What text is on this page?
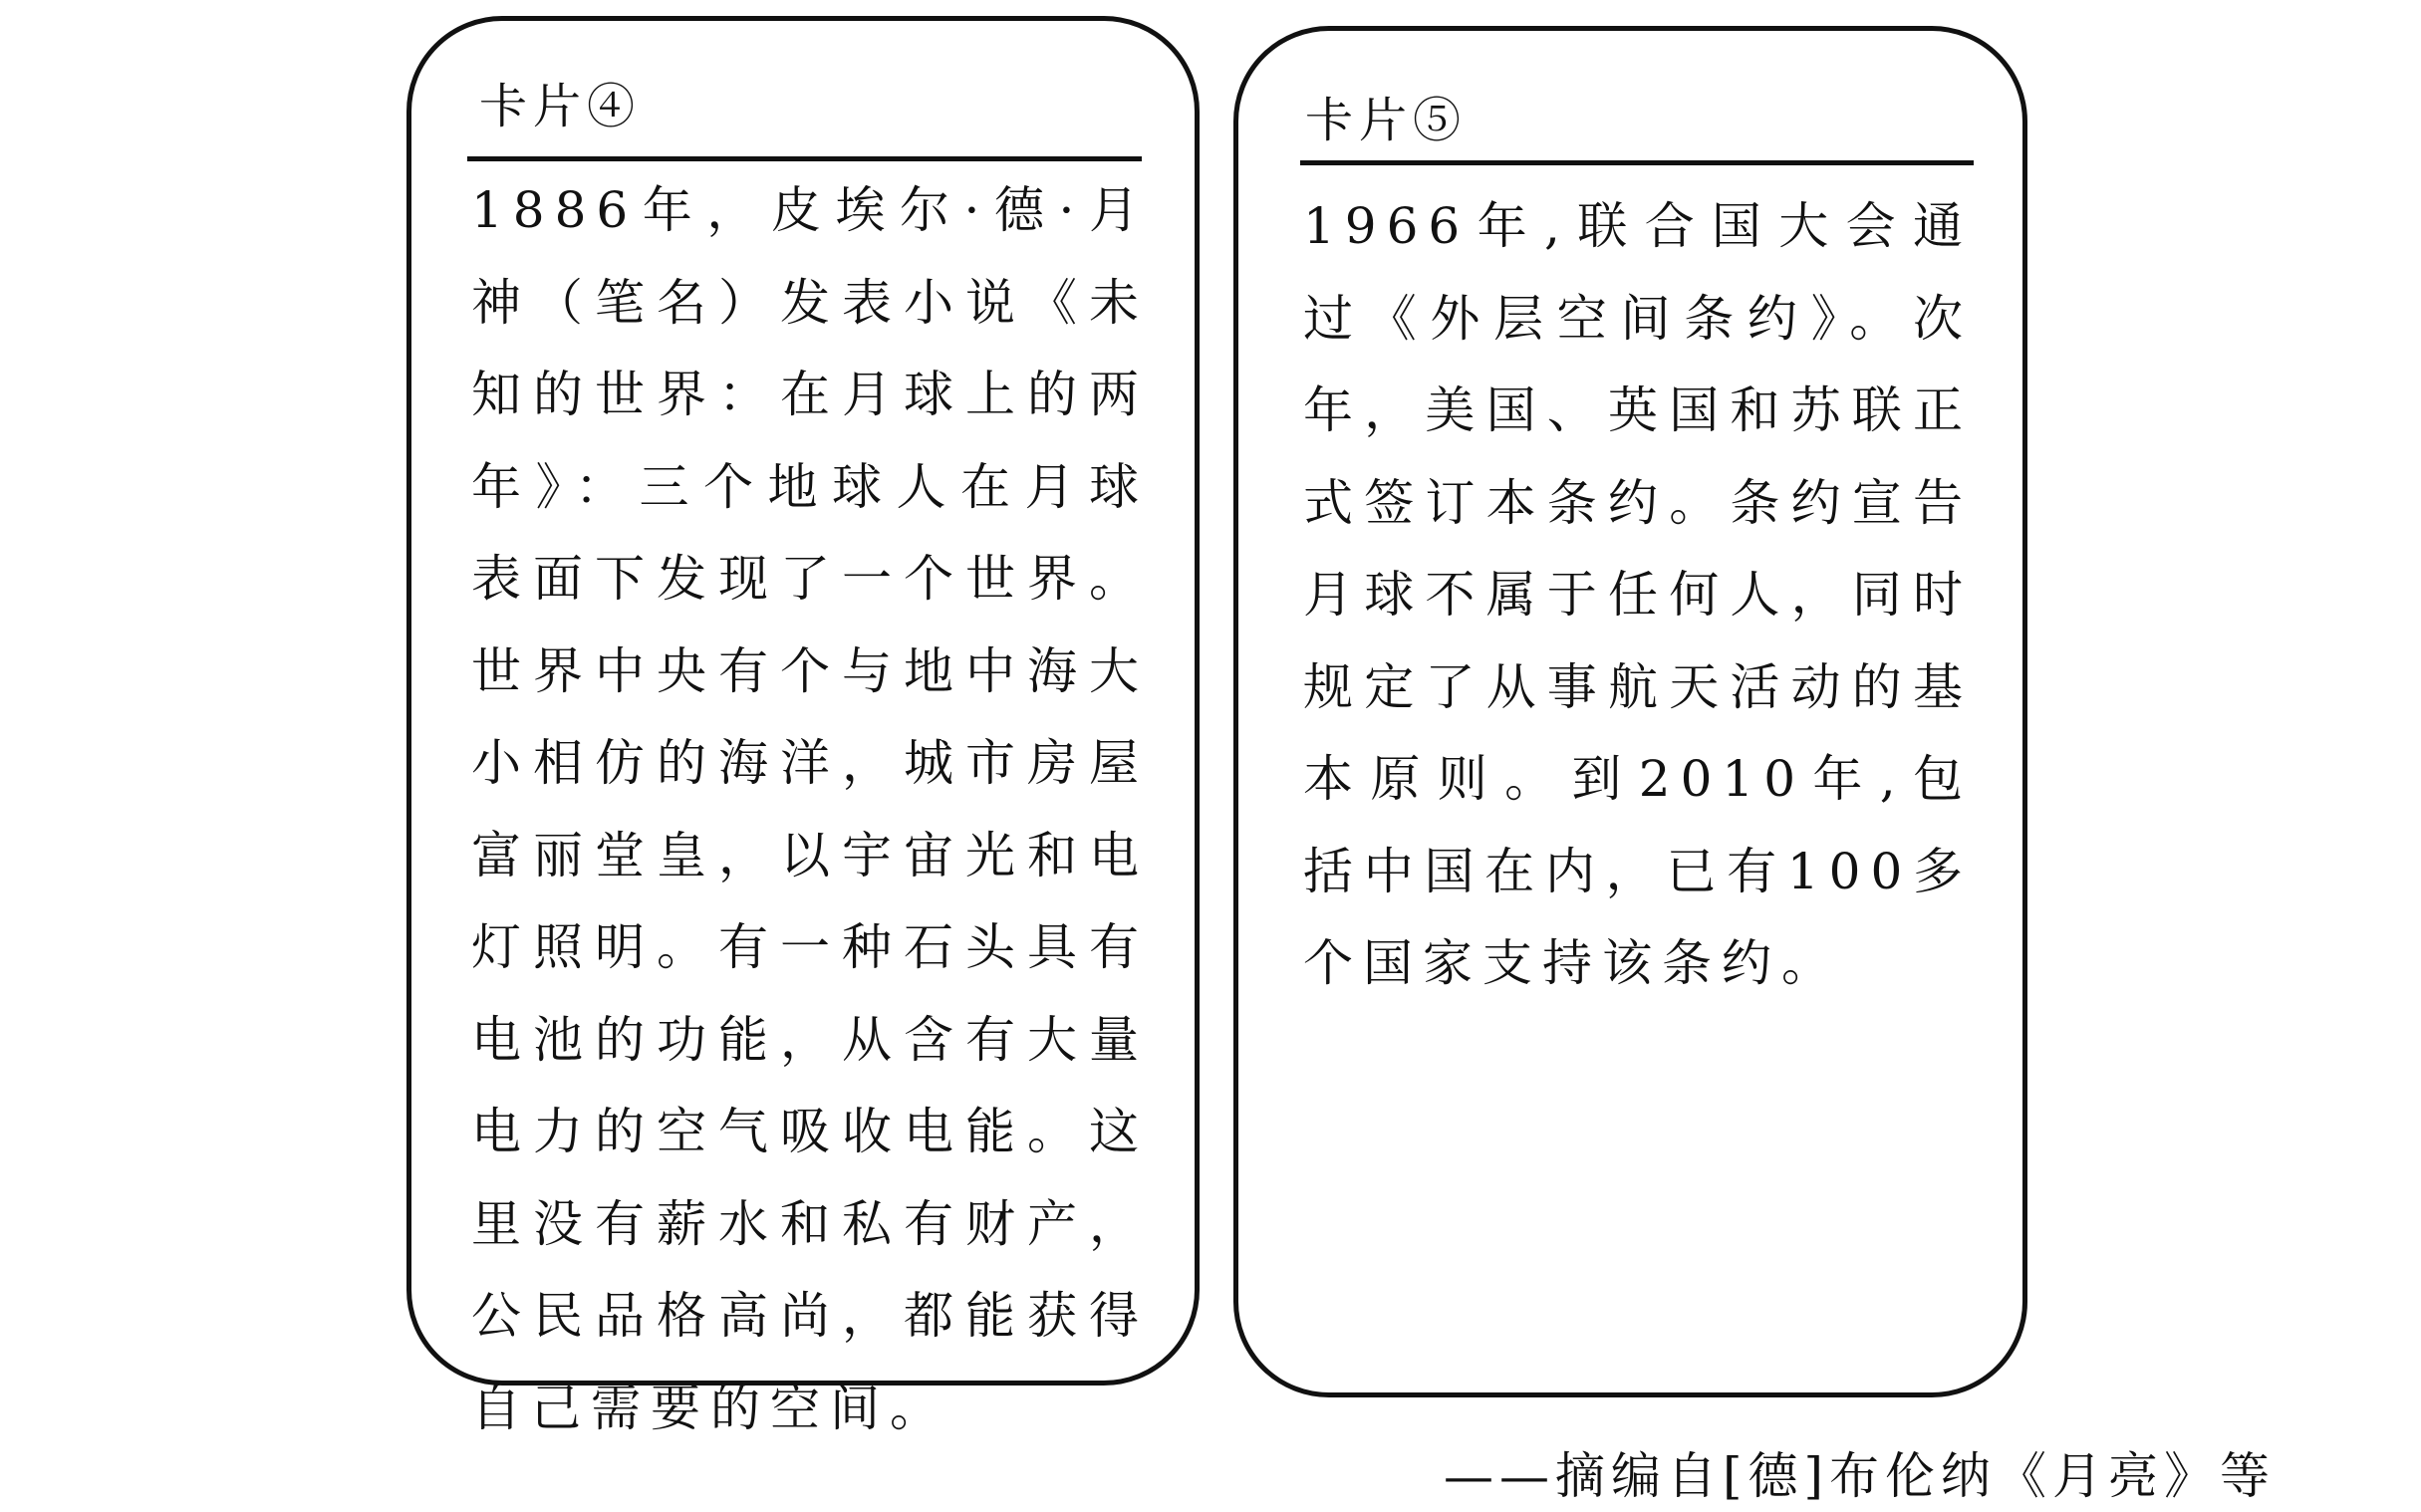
卡片④

1886年，皮埃尔·德·月神（笔名）发表小说《未知的世界：在月球上的两年》：三个地球人在月球表面下发现了一个世界。世界中央有个与地中海大小相仿的海洋，城市房屋富丽堂皇，以宇宙光和电灯照明。有一种石头具有电池的功能，从含有大量电力的空气吸收电能。这里没有薪水和私有财产，公民品格高尚，都能获得自己需要的空间。

卡片⑤

1966年,联合国大会通过《外层空间条约》。次年，美国、英国和苏联正式签订本条约。条约宣告月球不属于任何人，同时规定了从事航天活动的基本原则。到2010年,包括中国在内，已有100多个国家支持该条约。

——摘编自[德]布伦纳《月亮》等
